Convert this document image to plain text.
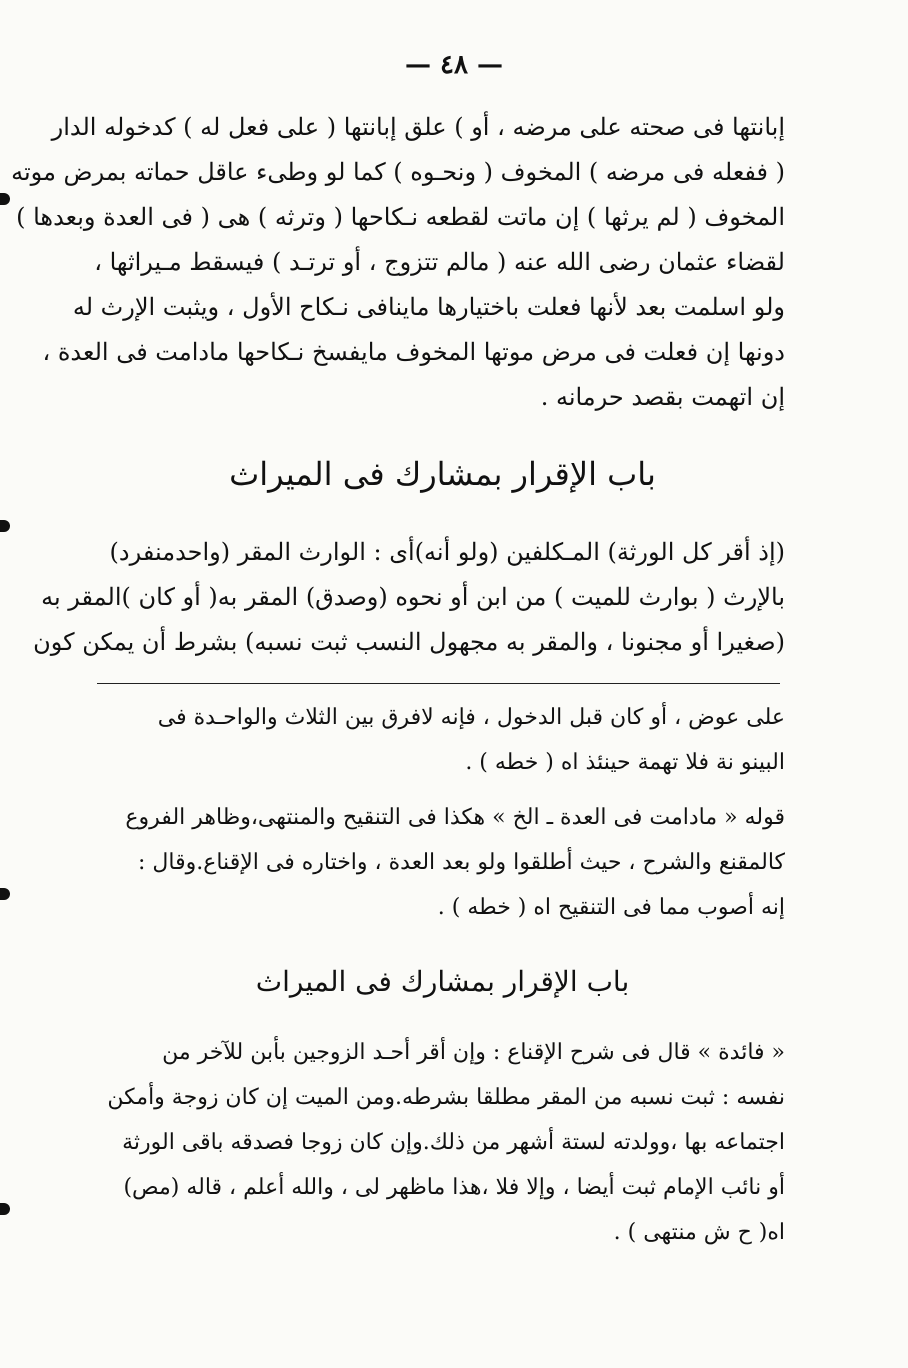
— ٤٨ —
إبانتها فى صحته على مرضه ، أو ) علق إبانتها ( على فعل له ) كدخوله الدار
( ففعله فى مرضه ) المخوف ( ونحـوه ) كما لو وطىء عاقل حماته بمرض موته
المخوف ( لم يرثها ) إن ماتت لقطعه نـكاحها ( وترثه ) هى ( فى العدة وبعدها )
لقضاء عثمان رضى الله عنه ( مالم تتزوج ، أو ترتـد ) فيسقط مـيراثها ،
ولو اسلمت بعد لأنها فعلت باختيارها ماينافى نـكاح الأول ، ويثبت الإرث له
دونها إن فعلت فى مرض موتها المخوف مايفسخ نـكاحها مادامت فى العدة ،
إن اتهمت بقصد حرمانه .
باب الإقرار بمشارك فى الميراث
(إذ أقر كل الورثة) المـكلفين (ولو أنه)أى : الوارث المقر (واحدمنفرد)
بالإرث ( بوارث للميت ) من ابن أو نحوه (وصدق) المقر به( أو كان )المقر به
(صغيرا أو مجنونا ، والمقر به مجهول النسب ثبت نسبه) بشرط أن يمكن كون
على عوض ، أو كان قبل الدخول ، فإنه لافرق بين الثلاث والواحـدة فى
البينو نة فلا تهمة حينئذ اه ( خطه ) .
قوله « مادامت فى العدة ـ الخ » هكذا فى التنقيح والمنتهى،وظاهر الفروع
كالمقنع والشرح ، حيث أطلقوا ولو بعد العدة ، واختاره فى الإقناع.وقال :
إنه أصوب مما فى التنقيح اه ( خطه ) .
باب الإقرار بمشارك فى الميراث
« فائدة » قال فى شرح الإقناع : وإن أقر أحـد الزوجين بأبن للآخر من
نفسه : ثبت نسبه من المقر مطلقا بشرطه.ومن الميت إن كان زوجة وأمكن
اجتماعه بها ،وولدته لستة أشهر من ذلك.وإن كان زوجا فصدقه باقى الورثة
أو نائب الإمام ثبت أيضا ، وإلا فلا ،هذا ماظهر لى ، والله أعلم ، قاله (مص)
اه( ح ش منتهى ) .
